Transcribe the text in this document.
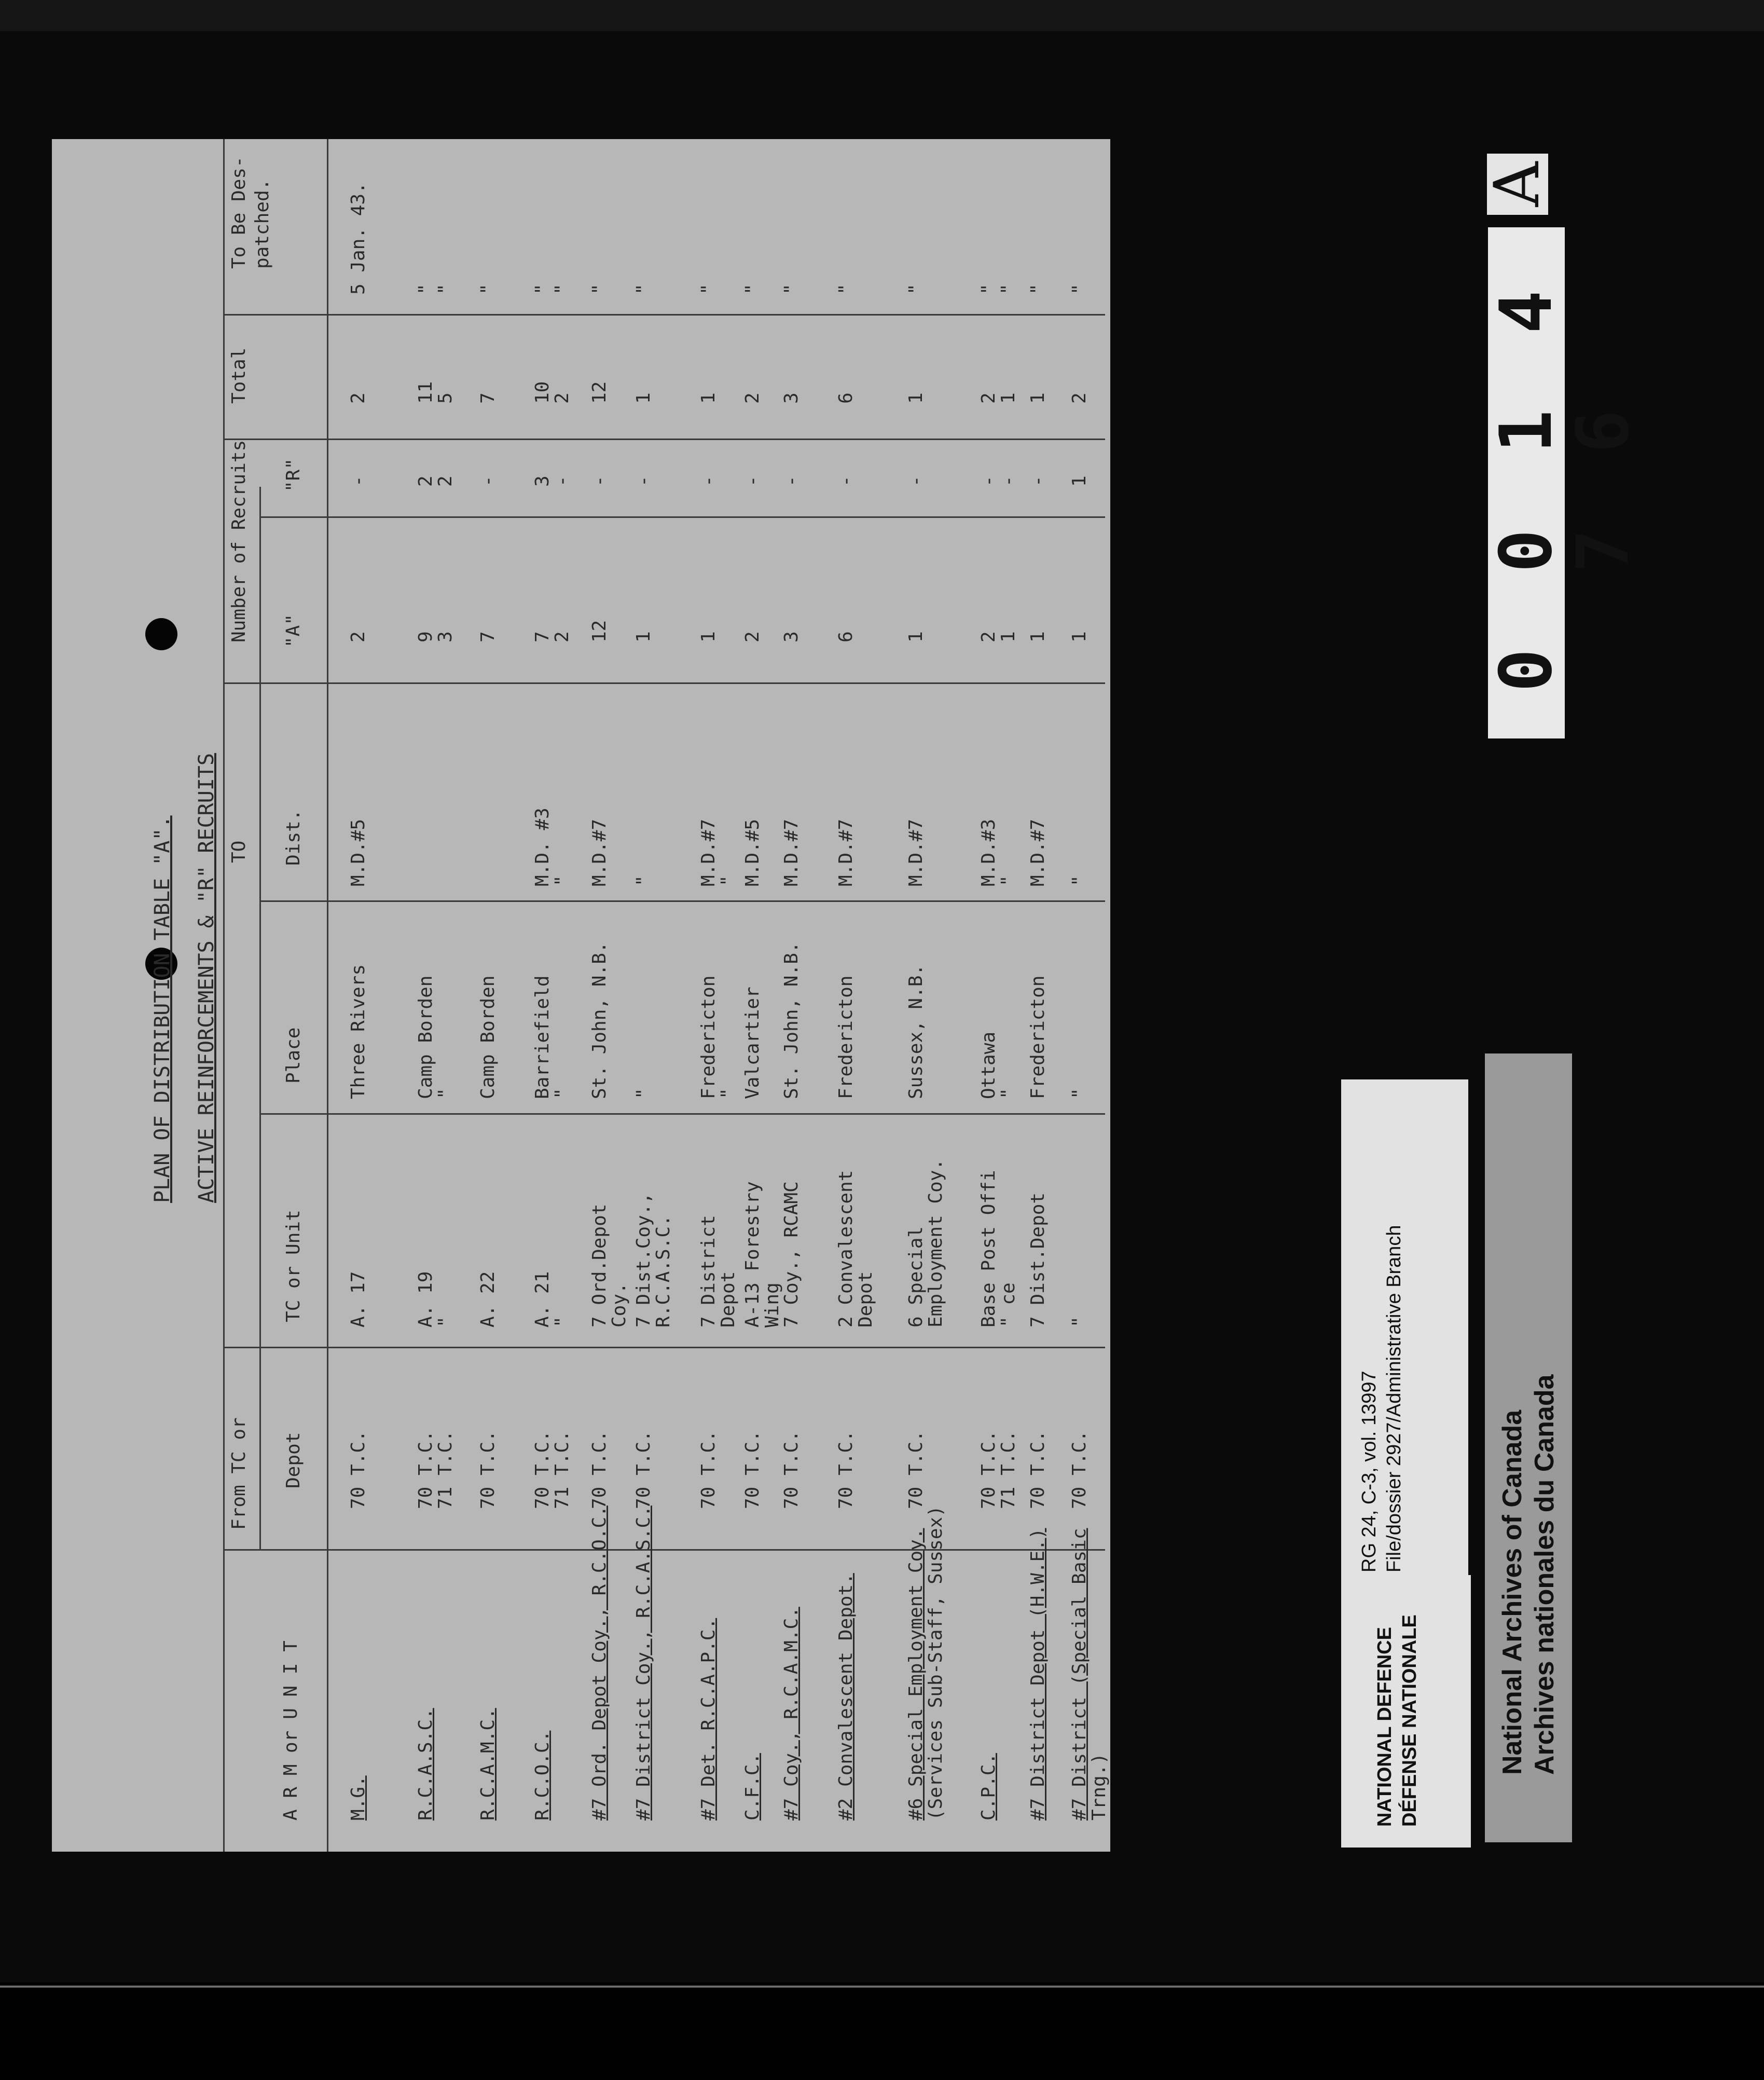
PLAN OF DISTRIBUTION TABLE "A". ACTIVE REINFORCEMENTS & "R" RECRUITS
A R M or U N I T
From TC or Depot
TO
TC or Unit
Place
Dist.
Number of Recruits "A"
"R"
Total
To Be Des- patched.
M.G.
70 T.C.
A. 17
Three Rivers
M.D.#5
2
-
2
5 Jan. 43.
R.C.A.S.C.
70 T.C.
71 T.C.
A. 19
"
Camp Borden
"
9
3
2
2
11
5
"
"
R.C.A.M.C.
70 T.C.
A. 22
Camp Borden
7
-
7
"
R.C.O.C.
70 T.C.
71 T.C.
A. 21
"
Barriefield
"
M.D. #3
"
7
2
3
-
10
2
"
"
#7 Ord. Depot Coy., R.C.O.C.
70 T.C.
7 Ord.Depot
Coy.
St. John, N.B.
M.D.#7
12
-
12
"
#7 District Coy., R.C.A.S.C.
70 T.C.
7 Dist.Coy.,
R.C.A.S.C.
"
"
1
-
1
"
#7 Det. R.C.A.P.C.
70 T.C.
7 District
Depot
Fredericton
"
M.D.#7
"
1
-
1
"
C.F.C.
70 T.C.
A-13 Forestry
Wing
Valcartier
M.D.#5
2
-
2
"
#7 Coy., R.C.A.M.C.
70 T.C.
7 Coy., RCAMC
St. John, N.B.
M.D.#7
3
-
3
"
#2 Convalescent Depot.
70 T.C.
2 Convalescent
Depot
Fredericton
M.D.#7
6
-
6
"
#6 Special Employment Coy.
(Services Sub-Staff, Sussex)
70 T.C.
6 Special
Employment Coy.
Sussex, N.B.
M.D.#7
1
-
1
"
C.P.C.
70 T.C.
71 T.C.
Base Post Offi
" ce
Ottawa
"
M.D.#3
"
2
1
-
-
2
1
"
"
#7 District Depot (H.W.E.)
70 T.C.
7 Dist.Depot
Fredericton
M.D.#7
1
-
1
"
#7 District (Special Basic
Trng.)
70 T.C.
"
"
"
1
1
2
"
A
0 0 1 4 7 6
RG 24, C-3, vol. 13997 File/dossier 2927/Administrative Branch
NATIONAL DEFENCE DÉFENSE NATIONALE	National Archives of Canada Archives nationales du Canada
